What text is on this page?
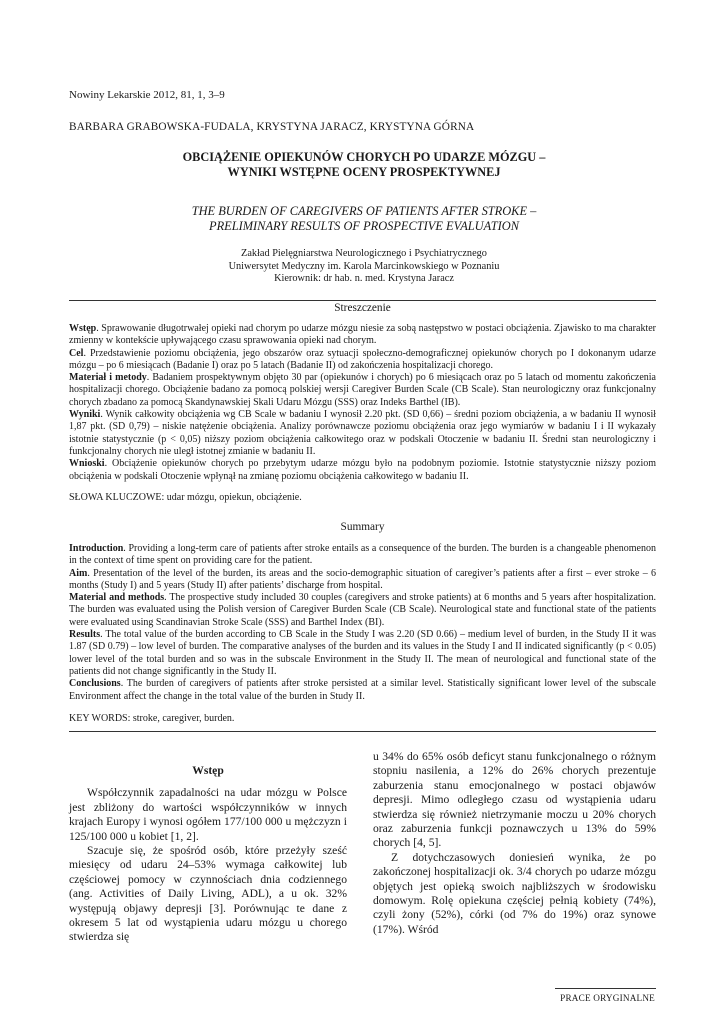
Nowiny Lekarskie 2012, 81, 1, 3–9
BARBARA GRABOWSKA-FUDALA, KRYSTYNA JARACZ, KRYSTYNA GÓRNA
OBCIĄŻENIE OPIEKUNÓW CHORYCH PO UDARZE MÓZGU –
WYNIKI WSTĘPNE OCENY PROSPEKTYWNEJ
THE BURDEN OF CAREGIVERS OF PATIENTS AFTER STROKE –
PRELIMINARY RESULTS OF PROSPECTIVE EVALUATION
Zakład Pielęgniarstwa Neurologicznego i Psychiatrycznego
Uniwersytet Medyczny im. Karola Marcinkowskiego w Poznaniu
Kierownik: dr hab. n. med. Krystyna Jaracz
Streszczenie

Wstęp. Sprawowanie długotrwałej opieki nad chorym po udarze mózgu niesie za sobą następstwo w postaci obciążenia. Zjawisko to ma charakter zmienny w kontekście upływającego czasu sprawowania opieki nad chorym.

Cel. Przedstawienie poziomu obciążenia, jego obszarów oraz sytuacji społeczno-demograficznej opiekunów chorych po I dokonanym udarze mózgu – po 6 miesiącach (Badanie I) oraz po 5 latach (Badanie II) od zakończenia hospitalizacji chorego.

Materiał i metody. Badaniem prospektywnym objęto 30 par (opiekunów i chorych) po 6 miesiącach oraz po 5 latach od momentu zakończenia hospitalizacji chorego. Obciążenie badano za pomocą polskiej wersji Caregiver Burden Scale (CB Scale). Stan neurologiczny oraz funkcjonalny chorych zbadano za pomocą Skandynawskiej Skali Udaru Mózgu (SSS) oraz Indeks Barthel (IB).

Wyniki. Wynik całkowity obciążenia wg CB Scale w badaniu I wynosił 2.20 pkt. (SD 0,66) – średni poziom obciążenia, a w badaniu II wynosił 1,87 pkt. (SD 0,79) – niskie natężenie obciążenia. Analizy porównawcze poziomu obciążenia oraz jego wymiarów w badaniu I i II wykazały istotnie statystycznie (p < 0,05) niższy poziom obciążenia całkowitego oraz w podskali Otoczenie w badaniu II. Średni stan neurologiczny i funkcjonalny chorych nie uległ istotnej zmianie w badaniu II.

Wnioski. Obciążenie opiekunów chorych po przebytym udarze mózgu było na podobnym poziomie. Istotnie statystycznie niższy poziom obciążenia w podskali Otoczenie wpłynął na zmianę poziomu obciążenia całkowitego w badaniu II.

SŁOWA KLUCZOWE: udar mózgu, opiekun, obciążenie.
Summary

Introduction. Providing a long-term care of patients after stroke entails as a consequence of the burden. The burden is a changeable phenomenon in the context of time spent on providing care for the patient.

Aim. Presentation of the level of the burden, its areas and the socio-demographic situation of caregiver’s patients after a first – ever stroke – 6 months (Study I) and 5 years (Study II) after patients’ discharge from hospital.

Material and methods. The prospective study included 30 couples (caregivers and stroke patients) at 6 months and 5 years after hospitalization. The burden was evaluated using the Polish version of Caregiver Burden Scale (CB Scale). Neurological state and functional state of the patients were evaluated using Scandinavian Stroke Scale (SSS) and Barthel Index (BI).

Results. The total value of the burden according to CB Scale in the Study I was 2.20 (SD 0.66) – medium level of burden, in the Study II it was 1.87 (SD 0.79) – low level of burden. The comparative analyses of the burden and its values in the Study I and II indicated significantly (p < 0.05) lower level of the total burden and so was in the subscale Environment in the Study II. The mean of neurological and functional state of the patients did not change significantly in the Study II.

Conclusions. The burden of caregivers of patients after stroke persisted at a similar level. Statistically significant lower level of the subscale Environment affect the change in the total value of the burden in Study II.

KEY WORDS: stroke, caregiver, burden.
Wstęp

Współczynnik zapadalności na udar mózgu w Polsce jest zbliżony do wartości współczynników w innych krajach Europy i wynosi ogółem 177/100 000 u mężczyzn i 125/100 000 u kobiet [1, 2].

Szacuje się, że spośród osób, które przeżyły sześć miesięcy od udaru 24–53% wymaga całkowitej lub częściowej pomocy w czynnościach dnia codziennego (ang. Activities of Daily Living, ADL), a u ok. 32% występują objawy depresji [3]. Porównując te dane z okresem 5 lat od wystąpienia udaru mózgu u chorego stwierdza się

u 34% do 65% osób deficyt stanu funkcjonalnego o różnym stopniu nasilenia, a 12% do 26% chorych prezentuje zaburzenia stanu emocjonalnego w postaci objawów depresji. Mimo odległego czasu od wystąpienia udaru stwierdza się również nietrzymanie moczu u 20% chorych oraz zaburzenia funkcji poznawczych u 13% do 59% chorych [4, 5].

Z dotychczasowych doniesień wynika, że po zakończonej hospitalizacji ok. 3/4 chorych po udarze mózgu objętych jest opieką swoich najbliższych w środowisku domowym. Rolę opiekuna częściej pełnią kobiety (74%), czyli żony (52%), córki (od 7% do 19%) oraz synowe (17%). Wśród

PRACE ORYGINALNE
